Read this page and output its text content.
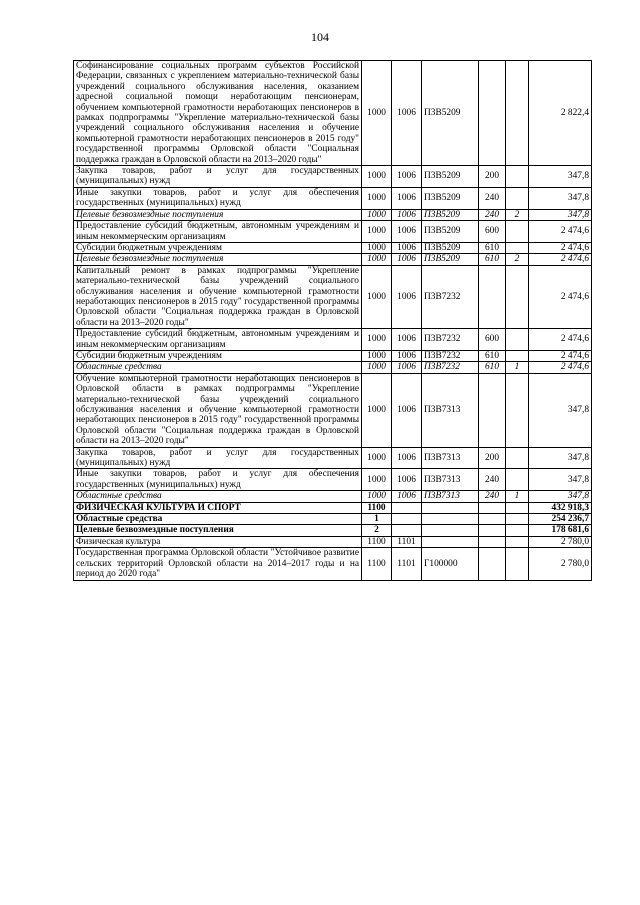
104
Софинансирование социальных программ субъектов Российской Федерации, связанных с укреплением материально-технической базы учреждений социального обслуживания населения, оказанием адресной социальной помощи неработающим пенсионерам, обучением компьютерной грамотности неработающих пенсионеров в рамках подпрограммы "Укрепление материально-технической базы учреждений социального обслуживания населения и обучение компьютерной грамотности неработающих пенсионеров в 2015 году" государственной программы Орловской области "Социальная поддержка граждан в Орловской области на 2013–2020 годы"	1000	1006	П3В5209			2 822,4
Закупка товаров, работ и услуг для государственных (муниципальных) нужд	1000	1006	П3В5209	200		347,8
Иные закупки товаров, работ и услуг для обеспечения государственных (муниципальных) нужд	1000	1006	П3В5209	240		347,8
Целевые безвозмездные поступления	1000	1006	П3В5209	240	2	347,8
Предоставление субсидий бюджетным, автономным учреждениям и иным некоммерческим организациям	1000	1006	П3В5209	600		2 474,6
Субсидии бюджетным учреждениям	1000	1006	П3В5209	610		2 474,6
Целевые безвозмездные поступления	1000	1006	П3В5209	610	2	2 474,6
Капитальный ремонт в рамках подпрограммы "Укрепление материально-технической базы учреждений социального обслуживания населения и обучение компьютерной грамотности неработающих пенсионеров в 2015 году" государственной программы Орловской области "Социальная поддержка граждан в Орловской области на 2013–2020 годы"	1000	1006	П3В7232			2 474,6
Предоставление субсидий бюджетным, автономным учреждениям и иным некоммерческим организациям	1000	1006	П3В7232	600		2 474,6
Субсидии бюджетным учреждениям	1000	1006	П3В7232	610		2 474,6
Областные средства	1000	1006	П3В7232	610	1	2 474,6
Обучение компьютерной грамотности неработающих пенсионеров в Орловской области в рамках подпрограммы "Укрепление материально-технической базы учреждений социального обслуживания населения и обучение компьютерной грамотности неработающих пенсионеров в 2015 году" государственной программы Орловской области "Социальная поддержка граждан в Орловской области на 2013–2020 годы"	1000	1006	П3В7313			347,8
Закупка товаров, работ и услуг для государственных (муниципальных) нужд	1000	1006	П3В7313	200		347,8
Иные закупки товаров, работ и услуг для обеспечения государственных (муниципальных) нужд	1000	1006	П3В7313	240		347,8
Областные средства	1000	1006	П3В7313	240	1	347,8
ФИЗИЧЕСКАЯ КУЛЬТУРА И СПОРТ	1100					432 918,3
Областные средства	1					254 236,7
Целевые безвозмездные поступления	2					178 681,6
Физическая культура	1100	1101				2 780,0
Государственная программа Орловской области "Устойчивое развитие сельских территорий Орловской области на 2014–2017 годы и на период до 2020 года"	1100	1101	Г100000			2 780,0
